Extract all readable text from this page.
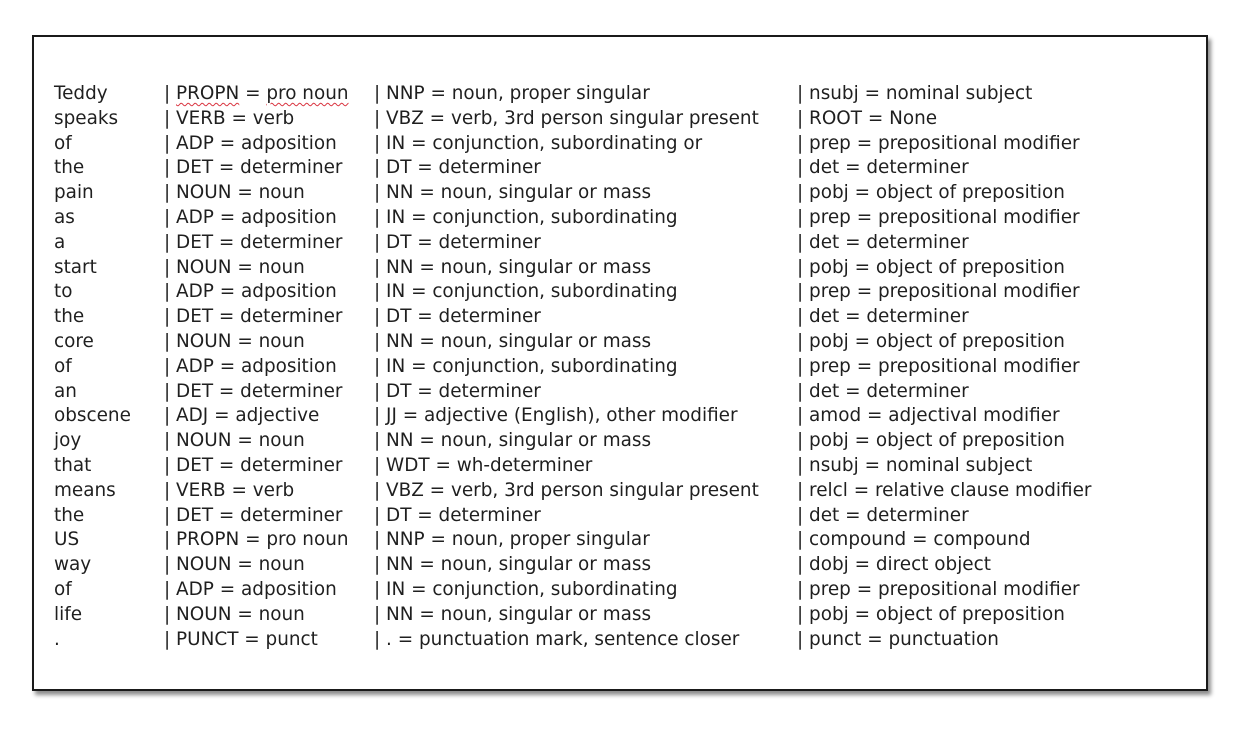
Teddy	| PROPN = pro noun | NNP = noun, proper singular	| nsubj = nominal subject
speaks | VERB = verb	| VBZ = verb, 3rd person singular present | ROOT = None
of	| ADP = adposition | IN = conjunction, subordinating or	| prep = prepositional modifier
the	| DET = determiner | DT = determiner	| det = determiner
pain	| NOUN = noun	| NN = noun, singular or mass	| pobj = object of preposition
as	| ADP = adposition | IN = conjunction, subordinating	| prep = prepositional modifier
a	| DET = determiner | DT = determiner	| det = determiner
start	| NOUN = noun	| NN = noun, singular or mass	| pobj = object of preposition
to	| ADP = adposition | IN = conjunction, subordinating	| prep = prepositional modifier
the	| DET = determiner | DT = determiner	| det = determiner
core	| NOUN = noun	| NN = noun, singular or mass	| pobj = object of preposition
of	| ADP = adposition | IN = conjunction, subordinating	| prep = prepositional modifier
an	| DET = determiner | DT = determiner	| det = determiner
obscene | ADJ = adjective	| JJ = adjective (English), other modifier	| amod = adjectival modifier
joy	| NOUN = noun	| NN = noun, singular or mass	| pobj = object of preposition
that	| DET = determiner | WDT = wh-determiner	| nsubj = nominal subject
means	| VERB = verb	| VBZ = verb, 3rd person singular present | relcl = relative clause modifier
the	| DET = determiner | DT = determiner	| det = determiner
US	| PROPN = pro noun | NNP = noun, proper singular	| compound = compound
way	| NOUN = noun	| NN = noun, singular or mass	| dobj = direct object
of	| ADP = adposition | IN = conjunction, subordinating	| prep = prepositional modifier
life	| NOUN = noun	| NN = noun, singular or mass	| pobj = object of preposition
.	| PUNCT = punct	| . = punctuation mark, sentence closer	| punct = punctuation
